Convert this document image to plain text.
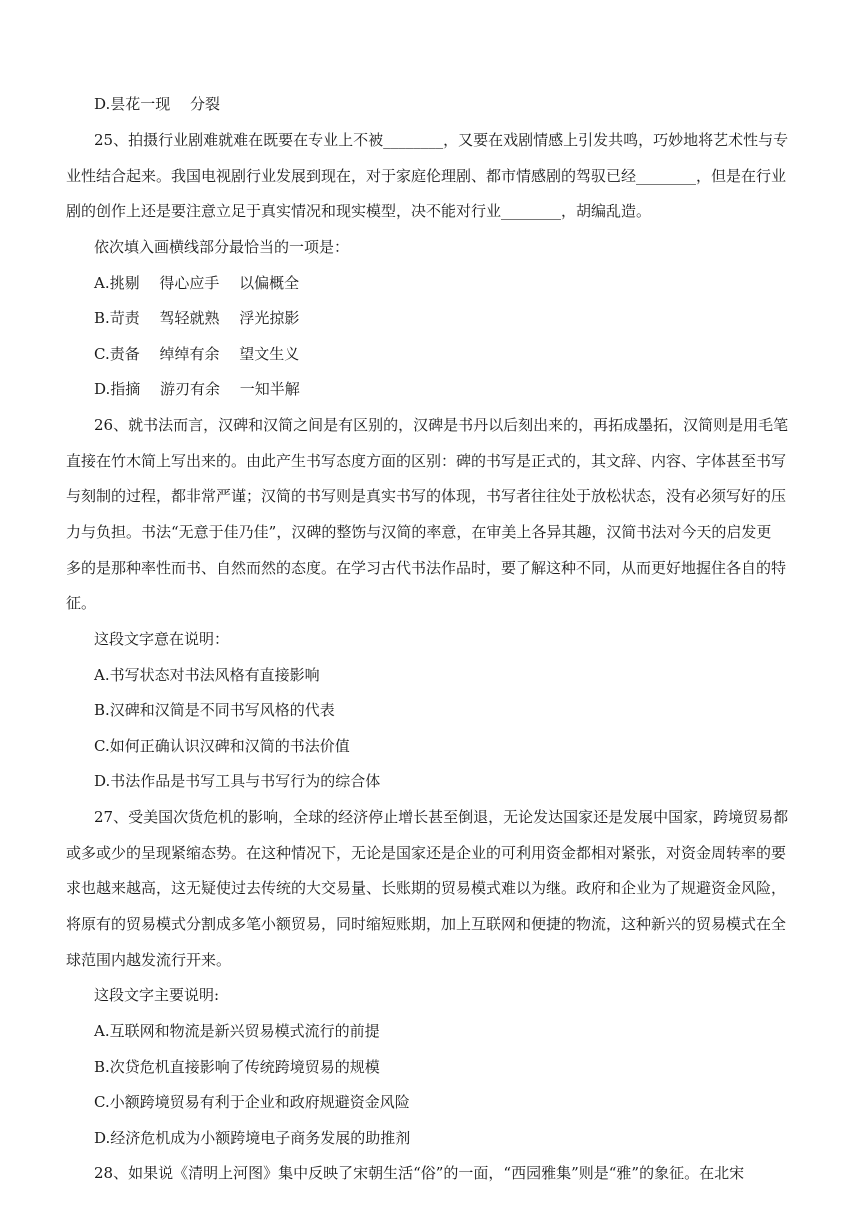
D.昙花一现　 分裂
25、拍摄行业剧难就难在既要在专业上不被________，又要在戏剧情感上引发共鸣，巧妙地将艺术性与专
业性结合起来。我国电视剧行业发展到现在，对于家庭伦理剧、都市情感剧的驾驭已经________，但是在行业
剧的创作上还是要注意立足于真实情况和现实模型，决不能对行业________，胡编乱造。
依次填入画横线部分最恰当的一项是：
A.挑剔　 得心应手　 以偏概全
B.苛责　 驾轻就熟　 浮光掠影
C.责备　 绰绰有余　 望文生义
D.指摘　 游刃有余　 一知半解
26、就书法而言，汉碑和汉简之间是有区别的，汉碑是书丹以后刻出来的，再拓成墨拓，汉简则是用毛笔
直接在竹木简上写出来的。由此产生书写态度方面的区别：碑的书写是正式的，其文辞、内容、字体甚至书写
与刻制的过程，都非常严谨；汉简的书写则是真实书写的体现，书写者往往处于放松状态，没有必须写好的压
力与负担。书法“无意于佳乃佳”，汉碑的整饬与汉简的率意，在审美上各异其趣，汉简书法对今天的启发更
多的是那种率性而书、自然而然的态度。在学习古代书法作品时，要了解这种不同，从而更好地握住各自的特
征。
这段文字意在说明：
A.书写状态对书法风格有直接影响
B.汉碑和汉简是不同书写风格的代表
C.如何正确认识汉碑和汉简的书法价值
D.书法作品是书写工具与书写行为的综合体
27、受美国次货危机的影响，全球的经济停止增长甚至倒退，无论发达国家还是发展中国家，跨境贸易都
或多或少的呈现紧缩态势。在这种情况下，无论是国家还是企业的可利用资金都相对紧张，对资金周转率的要
求也越来越高，这无疑使过去传统的大交易量、长账期的贸易模式难以为继。政府和企业为了规避资金风险，
将原有的贸易模式分割成多笔小额贸易，同时缩短账期，加上互联网和便捷的物流，这种新兴的贸易模式在全
球范围内越发流行开来。
这段文字主要说明:
A.互联网和物流是新兴贸易模式流行的前提
B.次贷危机直接影响了传统跨境贸易的规模
C.小额跨境贸易有利于企业和政府规避资金风险
D.经济危机成为小额跨境电子商务发展的助推剂
28、如果说《清明上河图》集中反映了宋朝生活“俗”的一面，“西园雅集”则是“雅”的象征。在北宋
